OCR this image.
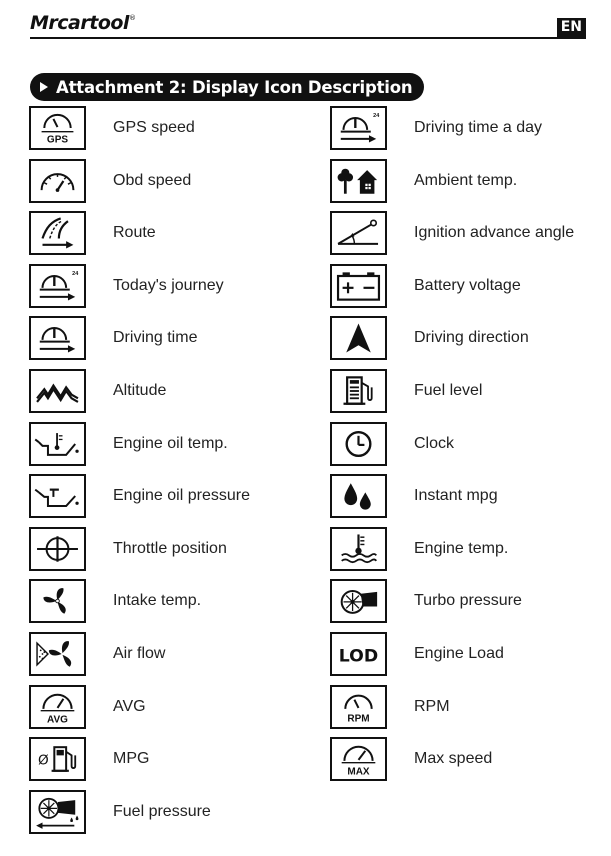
Mrcartool®
EN
Attachment 2: Display Icon Description
GPS
GPS speed
Obd speed
Route
24
Today's journey
Driving time
Altitude
Engine oil temp.
Engine oil pressure
Throttle position
Intake temp.
Air flow
AVG
AVG
Ø	MPG
Fuel pressure
24
Driving time a day
Ambient temp.
Ignition advance angle
Battery voltage
Driving direction
Fuel level
Clock
Instant mpg
Engine temp.
Turbo pressure
LOD Engine Load
RPM
RPM
MAX
Max speed
